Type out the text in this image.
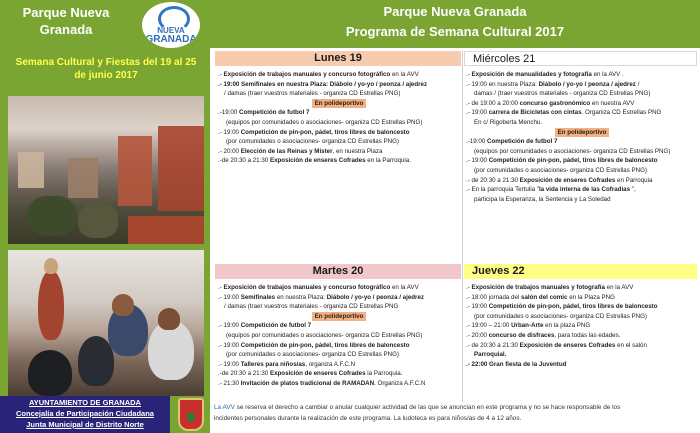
Parque Nueva
Granada	NUEVA
GRANADA
Semana Cultural y Fiestas del 19 al 25
de junio 2017
AYUNTAMIENTO DE GRANADA
Concejalía de Participación Ciudadana
Junta Municipal de Distrito Norte
Parque Nueva Granada
Programa de Semana Cultural 2017
Lunes 19	Miércoles 21
Martes 20	Jueves 22
.- Exposición de trabajos manuales y concurso fotográfico en la AVV
.- 19:00 Semifinales en nuestra Plaza: Diábolo / yo-yo / peonza / ajedrez
/ damas (traer vuestros materiales - organiza CD Estrellas PNG)
En polideportivo
.-19:00 Competición de futbol 7
(equipos por comunidades o asociaciones- organiza CD Estrellas PNG)
.- 19:00 Competición de pin-pon, pádel, tiros libres de baloncesto
(por comunidades o asociaciones- organiza CD Estrellas PNG)
.- 20:00 Elección de las Reinas y Míster, en nuestra Plaza
.-de 20:30 a 21:30 Exposición de enseres Cofrades en la Parroquia.
.- Exposición de manualidades y fotografía en la AVV .
.- 19:00 en nuestra Plaza: Diábolo / yo-yo / peonza / ajedrez /
damas / (traer vuestros materiales - organiza CD Estrellas PNG)
.- de 19:00 a 20:00 concurso gastronómico en nuestra AVV
.- 19:00 carrera de Bicicletas con cintas. Organiza CD Estrellas PNG
En c/ Rigoberta Menchu.
En polideportivo
.-19:00 Competición de futbol 7
(equipos por comunidades o asociaciones- organiza CD Estrellas PNG)
.- 19:00 Competición de pin-pon, pádel, tiros libres de baloncesto
(por comunidades o asociaciones- organiza CD Estrellas PNG)
.- de 20:30 a 21:30 Exposición de enseres Cofrades en Parroquia
.- En la parroquia Tertulia "la vida interna de las Cofradías ",
participa la Esperanza, la Sentencia y La Soledad
.- Exposición de trabajos manuales y concurso fotográfico en la AVV
.- 19:00 Semifinales en nuestra Plaza: Diábolo / yo-yo / peonza / ajedrez
/ damas (traer vuestros materiales - organiza CD Estrellas PNG
En polideportivo
.- 19:00 Competición de futbol 7
(equipos por comunidades o asociaciones- organiza CD Estrellas PNG)
.- 19:00 Competición de pin-pon, pádel, tiros libres de baloncesto
(por comunidades o asociaciones- organiza CD Estrellas PNG)
.- 19:00 Talleres para niños/as, organiza A.F.C.N
.-de 20:30 a 21:30 Exposición de enseres Cofrades la Parroquia.
.- 21:30 Invitación de platos tradicional de RAMADAN. Organiza A.F.C.N
.- Exposición de trabajos manuales y fotografía en la AVV
.- 18:00 jornada del salón del comic en la Plaza PNG
.- 19:00 Competición de pin-pon, pádel, tiros libres de baloncesto
(por comunidades o asociaciones- organiza CD Estrellas PNG)
.- 19:00 – 21:00 Urban-Arte en la plaza PNG
.- 20:00 concurso de disfraces, para todas las edades.
.- de 20:30 a 21:30 Exposición de enseres Cofrades en el salón
Parroquial.
.- 22:00 Gran fiesta de la Juventud
La AVV se reserva el derecho a cambiar o anular cualquier actividad de las que se anuncian en este programa y no se hace responsable de los
incidentes personales durante la realización de este programa. La ludoteca es para niños/as de 4 a 12 años.
